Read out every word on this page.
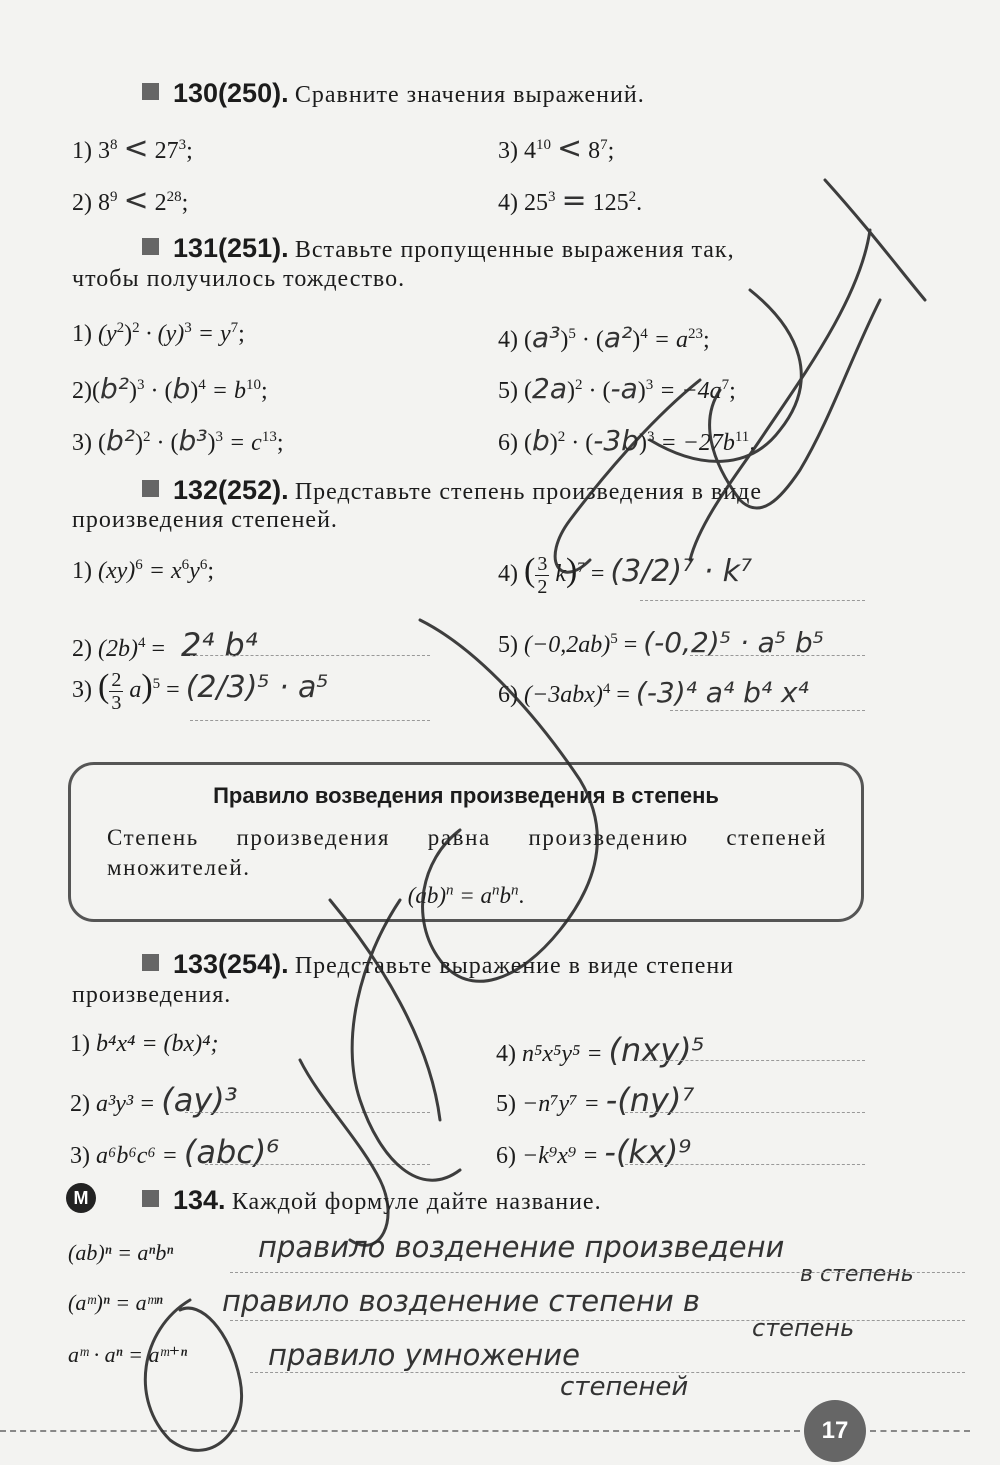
130(250). Сравните значения выражений.
1) $3^8 < 27^3$;
2) $8^9 < 2^{28}$;
3) $4^{10} < 8^7$;
4) $25^3 = 125^2$.
131(251). Вставьте пропущенные выражения так,
чтобы получилось тождество.
1) $(y^2)^2 \cdot (y)^3 = y^7$;
$2)(b^2)^3 \cdot (b)^4 = b^{10}$;
3) $(b^2)^2 \cdot (b^3)^3 = c^{13}$;
4) $(a^3)^5 \cdot (a^2)^4 = a^{23}$;
5) $(2a)^2 \cdot (-a)^3 = -4a^7$;
6) $(b)^2 \cdot (-3b)^3 = -27b^{11}$.
132(252). Представьте степень произведения в виде
произведения степеней.
1) $(xy)^6 = x^6y^6$;
2) $(2b)^4 = 2^4$ b⁴
3) ( $\frac{2}{3} a)^5 = (2/3)^5 \cdot a^5$
4) ( $\frac{3}{2} k)^7 = (3/2)^7 \cdot k^7$
5) $(-0,2ab)^5 = (-0,2)^5 \cdot a^5$ b⁵
6) $(-3abx)^4 = (-3)^4$ a⁴ b⁴ x⁴
Правило возведения произведения в степень
Степень произведения равна произведению степеней множителей.
$(ab)^n = a^nb^n$.
133(254). Представьте выражение в виде степени
произведения.
1) b⁴x⁴ = (bx)⁴;
2) a³y³ = (ay)³
3) a⁶b⁶c⁶ = (abc)⁶
4) n⁵x⁵y⁵ = (nxy)⁵
5) −n⁷y⁷ = -(ny)⁷
6) −k⁹x⁹ = -(kx)⁹
M	134. Каждой формуле дайте название.
(ab)ⁿ = aⁿbⁿ	правило возденение произведени
в степень
(aᵐ)ⁿ = aᵐⁿ правило возденение степени в
степень
aᵐ · aⁿ = aᵐ⁺ⁿ	правило умножение
степеней
17
